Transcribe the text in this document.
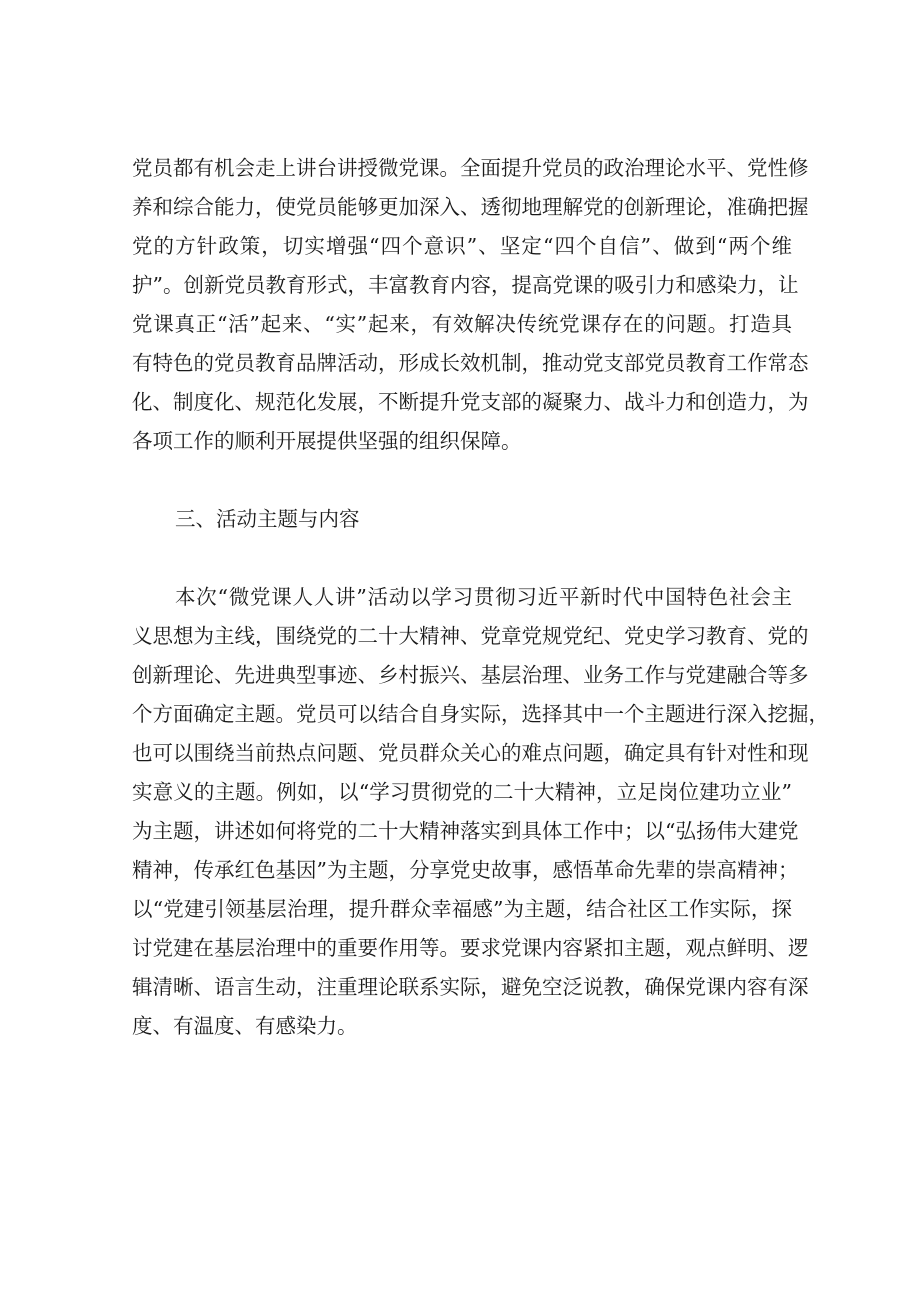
党员都有机会走上讲台讲授微党课。全面提升党员的政治理论水平、党性修

养和综合能力，使党员能够更加深入、透彻地理解党的创新理论，准确把握

党的方针政策，切实增强“四个意识”、坚定“四个自信”、做到“两个维

护”。创新党员教育形式，丰富教育内容，提高党课的吸引力和感染力，让

党课真正“活”起来、“实”起来，有效解决传统党课存在的问题。打造具

有特色的党员教育品牌活动，形成长效机制，推动党支部党员教育工作常态

化、制度化、规范化发展，不断提升党支部的凝聚力、战斗力和创造力，为

各项工作的顺利开展提供坚强的组织保障。

三、活动主题与内容

本次“微党课人人讲”活动以学习贯彻习近平新时代中国特色社会主

义思想为主线，围绕党的二十大精神、党章党规党纪、党史学习教育、党的

创新理论、先进典型事迹、乡村振兴、基层治理、业务工作与党建融合等多

个方面确定主题。党员可以结合自身实际，选择其中一个主题进行深入挖掘，

也可以围绕当前热点问题、党员群众关心的难点问题，确定具有针对性和现

实意义的主题。例如，以“学习贯彻党的二十大精神，立足岗位建功立业”

为主题，讲述如何将党的二十大精神落实到具体工作中；以“弘扬伟大建党

精神，传承红色基因”为主题，分享党史故事，感悟革命先辈的崇高精神；

以“党建引领基层治理，提升群众幸福感”为主题，结合社区工作实际，探

讨党建在基层治理中的重要作用等。要求党课内容紧扣主题，观点鲜明、逻

辑清晰、语言生动，注重理论联系实际，避免空泛说教，确保党课内容有深

度、有温度、有感染力。
